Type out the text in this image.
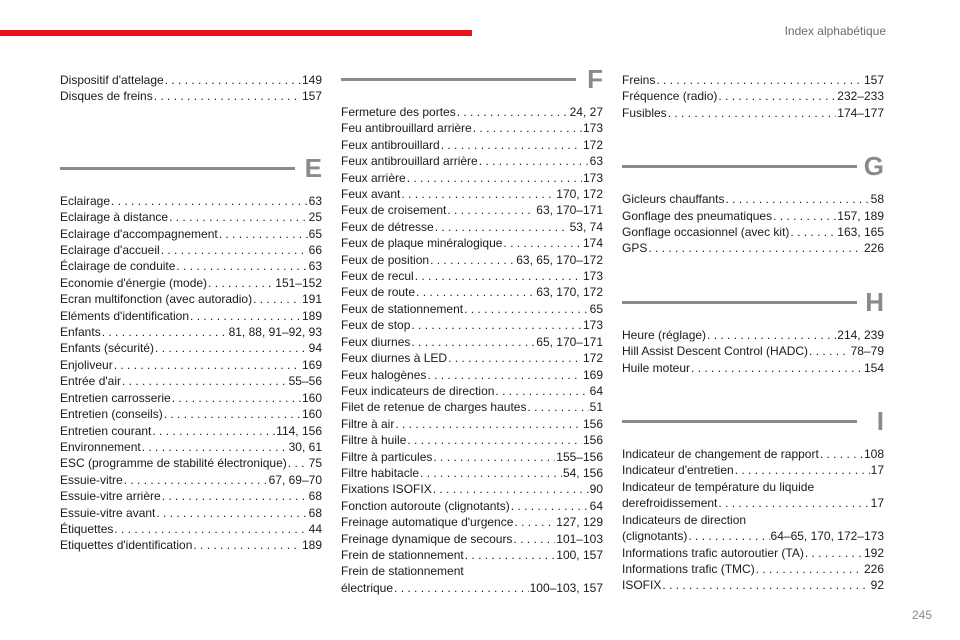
Index alphabétique
Dispositif d'attelage . . .	149
Disques de freins . . .	157
E
Eclairage . . .	63
Eclairage à distance . . .	25
Eclairage d'accompagnement . . .	65
Eclairage d'accueil . . .	66
Éclairage de conduite . . .	63
Economie d'énergie (mode) . . .	151–152
Ecran multifonction (avec autoradio) . . .	191
Eléments d'identification . . .	189
Enfants . . .	81, 88, 91–92, 93
Enfants (sécurité) . . .	94
Enjoliveur . . .	169
Entrée d'air . . .	55–56
Entretien carrosserie . . .	160
Entretien (conseils) . . .	160
Entretien courant . . .	114, 156
Environnement . . .	30, 61
ESC (programme de stabilité électronique) . . . 75
Essuie-vitre . . .	67, 69–70
Essuie-vitre arrière . . .	68
Essuie-vitre avant . . .	68
Étiquettes . . .	44
Etiquettes d'identification . . .	189
F
Fermeture des portes . . .	24, 27
Feu antibrouillard arrière . . .	173
Feux antibrouillard . . .	172
Feux antibrouillard arrière . . .	63
Feux arrière . . .	173
Feux avant . . .	170, 172
Feux de croisement . . .	63, 170–171
Feux de détresse . . .	53, 74
Feux de plaque minéralogique . . .	174
Feux de position . . .	63, 65, 170–172
Feux de recul . . .	173
Feux de route . . .	63, 170, 172
Feux de stationnement . . .	65
Feux de stop . . .	173
Feux diurnes . . .	65, 170–171
Feux diurnes à LED . . .	172
Feux halogènes . . .	169
Feux indicateurs de direction . . .	64
Filet de retenue de charges hautes . . .	51
Filtre à air . . .	156
Filtre à huile . . .	156
Filtre à particules . . .	155–156
Filtre habitacle . . .	54, 156
Fixations ISOFIX . . .	90
Fonction autoroute (clignotants) . . .	64
Freinage automatique d'urgence . . .	127, 129
Freinage dynamique de secours . . .	101–103
Frein de stationnement . . .	100, 157
Frein de stationnement
électrique . . .	100–103, 157
Freins . . .	157
Fréquence (radio) . . .	232–233
Fusibles . . .	174–177
G
Gicleurs chauffants . . .	58
Gonflage des pneumatiques . . .	157, 189
Gonflage occasionnel (avec kit) . . .	163, 165
GPS . . .	226
H
Heure (réglage) . . .	214, 239
Hill Assist Descent Control (HADC) . . .	78–79
Huile moteur . . .	154
I
Indicateur de changement de rapport . . .	108
Indicateur d'entretien . . .	17
Indicateur de température du liquide
derefroidissement . . .	17
Indicateurs de direction
(clignotants) . . .	64–65, 170, 172–173
Informations trafic autoroutier (TA) . . .	192
Informations trafic (TMC) . . .	226
ISOFIX . . .	92
245
